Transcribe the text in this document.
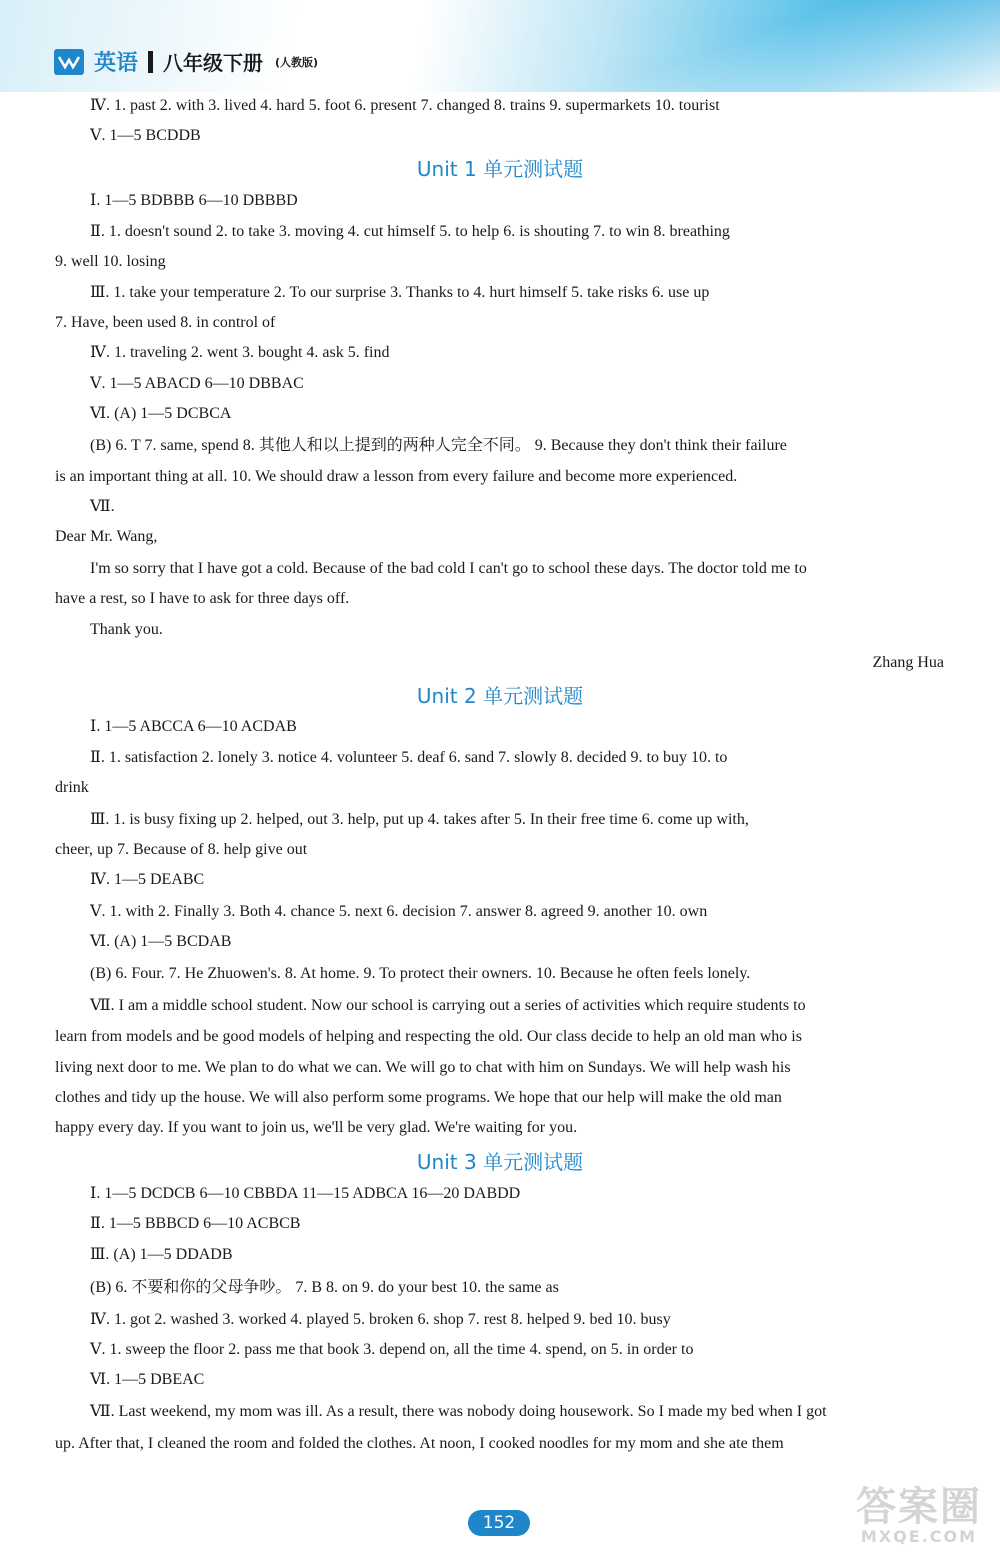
英语 八年级下册 (人教版)
Ⅳ. 1. past 2. with 3. lived 4. hard 5. foot 6. present 7. changed 8. trains 9. supermarkets 10. tourist
Ⅴ. 1—5 BCDDB
Unit 1 单元测试题
Ⅰ. 1—5 BDBBB 6—10 DBBBD
Ⅱ. 1. doesn't sound 2. to take 3. moving 4. cut himself 5. to help 6. is shouting 7. to win 8. breathing
9. well 10. losing
Ⅲ. 1. take your temperature 2. To our surprise 3. Thanks to 4. hurt himself 5. take risks 6. use up
7. Have, been used 8. in control of
Ⅳ. 1. traveling 2. went 3. bought 4. ask 5. find
Ⅴ. 1—5 ABACD 6—10 DBBAC
Ⅵ. (A) 1—5 DCBCA
(B) 6. T 7. same, spend 8. 其他人和以上提到的两种人完全不同。 9. Because they don't think their failure
is an important thing at all. 10. We should draw a lesson from every failure and become more experienced.
Ⅶ.
Dear Mr. Wang,
I'm so sorry that I have got a cold. Because of the bad cold I can't go to school these days. The doctor told me to
have a rest, so I have to ask for three days off.
Thank you.
Zhang Hua
Unit 2 单元测试题
Ⅰ. 1—5 ABCCA 6—10 ACDAB
Ⅱ. 1. satisfaction 2. lonely 3. notice 4. volunteer 5. deaf 6. sand 7. slowly 8. decided 9. to buy 10. to
drink
Ⅲ. 1. is busy fixing up 2. helped, out 3. help, put up 4. takes after 5. In their free time 6. come up with,
cheer, up 7. Because of 8. help give out
Ⅳ. 1—5 DEABC
Ⅴ. 1. with 2. Finally 3. Both 4. chance 5. next 6. decision 7. answer 8. agreed 9. another 10. own
Ⅵ. (A) 1—5 BCDAB
(B) 6. Four. 7. He Zhuowen's. 8. At home. 9. To protect their owners. 10. Because he often feels lonely.
Ⅶ. I am a middle school student. Now our school is carrying out a series of activities which require students to
learn from models and be good models of helping and respecting the old. Our class decide to help an old man who is
living next door to me. We plan to do what we can. We will go to chat with him on Sundays. We will help wash his
clothes and tidy up the house. We will also perform some programs. We hope that our help will make the old man
happy every day. If you want to join us, we'll be very glad. We're waiting for you.
Unit 3 单元测试题
Ⅰ. 1—5 DCDCB 6—10 CBBDA 11—15 ADBCA 16—20 DABDD
Ⅱ. 1—5 BBBCD 6—10 ACBCB
Ⅲ. (A) 1—5 DDADB
(B) 6. 不要和你的父母争吵。 7. B 8. on 9. do your best 10. the same as
Ⅳ. 1. got 2. washed 3. worked 4. played 5. broken 6. shop 7. rest 8. helped 9. bed 10. busy
Ⅴ. 1. sweep the floor 2. pass me that book 3. depend on, all the time 4. spend, on 5. in order to
Ⅵ. 1—5 DBEAC
Ⅶ. Last weekend, my mom was ill. As a result, there was nobody doing housework. So I made my bed when I got
up. After that, I cleaned the room and folded the clothes. At noon, I cooked noodles for my mom and she ate them
152	答案圈
MXQE.COM
